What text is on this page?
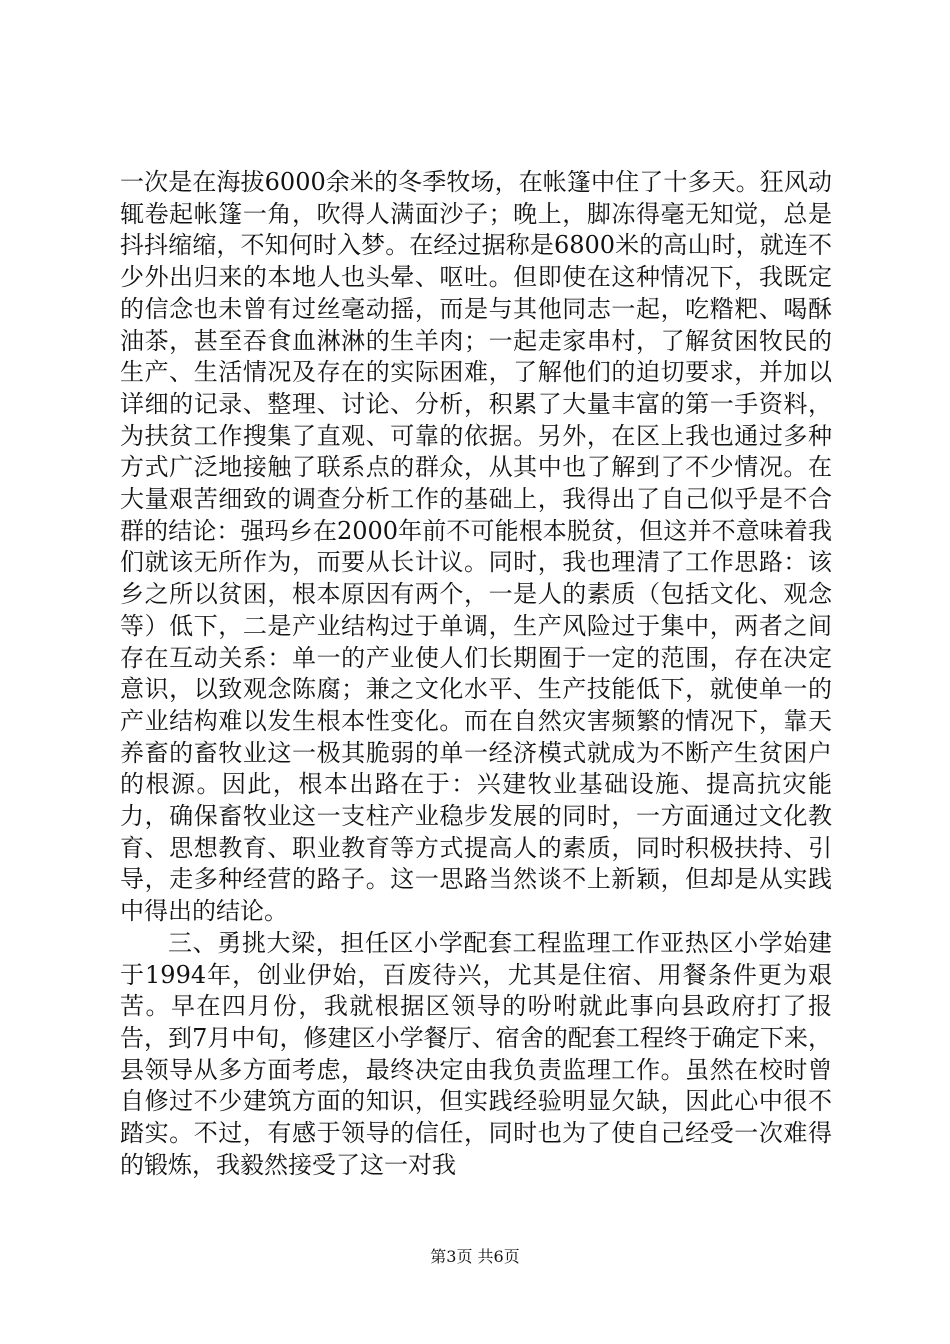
一次是在海拔6000余米的冬季牧场，在帐篷中住了十多天。狂风动辄卷起帐篷一角，吹得人满面沙子；晚上，脚冻得毫无知觉，总是抖抖缩缩，不知何时入梦。在经过据称是6800米的高山时，就连不少外出归来的本地人也头晕、呕吐。但即使在这种情况下，我既定的信念也未曾有过丝毫动摇，而是与其他同志一起，吃糌粑、喝酥油茶，甚至吞食血淋淋的生羊肉；一起走家串村，了解贫困牧民的生产、生活情况及存在的实际困难，了解他们的迫切要求，并加以详细的记录、整理、讨论、分析，积累了大量丰富的第一手资料，为扶贫工作搜集了直观、可靠的依据。另外，在区上我也通过多种方式广泛地接触了联系点的群众，从其中也了解到了不少情况。在大量艰苦细致的调查分析工作的基础上，我得出了自己似乎是不合群的结论：强玛乡在2000年前不可能根本脱贫，但这并不意味着我们就该无所作为，而要从长计议。同时，我也理清了工作思路：该乡之所以贫困，根本原因有两个，一是人的素质（包括文化、观念等）低下，二是产业结构过于单调，生产风险过于集中，两者之间存在互动关系：单一的产业使人们长期囿于一定的范围，存在决定意识，以致观念陈腐；兼之文化水平、生产技能低下，就使单一的产业结构难以发生根本性变化。而在自然灾害频繁的情况下，靠天养畜的畜牧业这一极其脆弱的单一经济模式就成为不断产生贫困户的根源。因此，根本出路在于：兴建牧业基础设施、提高抗灾能力，确保畜牧业这一支柱产业稳步发展的同时，一方面通过文化教育、思想教育、职业教育等方式提高人的素质，同时积极扶持、引导，走多种经营的路子。这一思路当然谈不上新颖，但却是从实践中得出的结论。

三、勇挑大梁，担任区小学配套工程监理工作亚热区小学始建于1994年，创业伊始，百废待兴，尤其是住宿、用餐条件更为艰苦。早在四月份，我就根据区领导的吩咐就此事向县政府打了报告，到7月中旬，修建区小学餐厅、宿舍的配套工程终于确定下来，县领导从多方面考虑，最终决定由我负责监理工作。虽然在校时曾自修过不少建筑方面的知识，但实践经验明显欠缺，因此心中很不踏实。不过，有感于领导的信任，同时也为了使自己经受一次难得的锻炼，我毅然接受了这一对我

第3页 共6页
